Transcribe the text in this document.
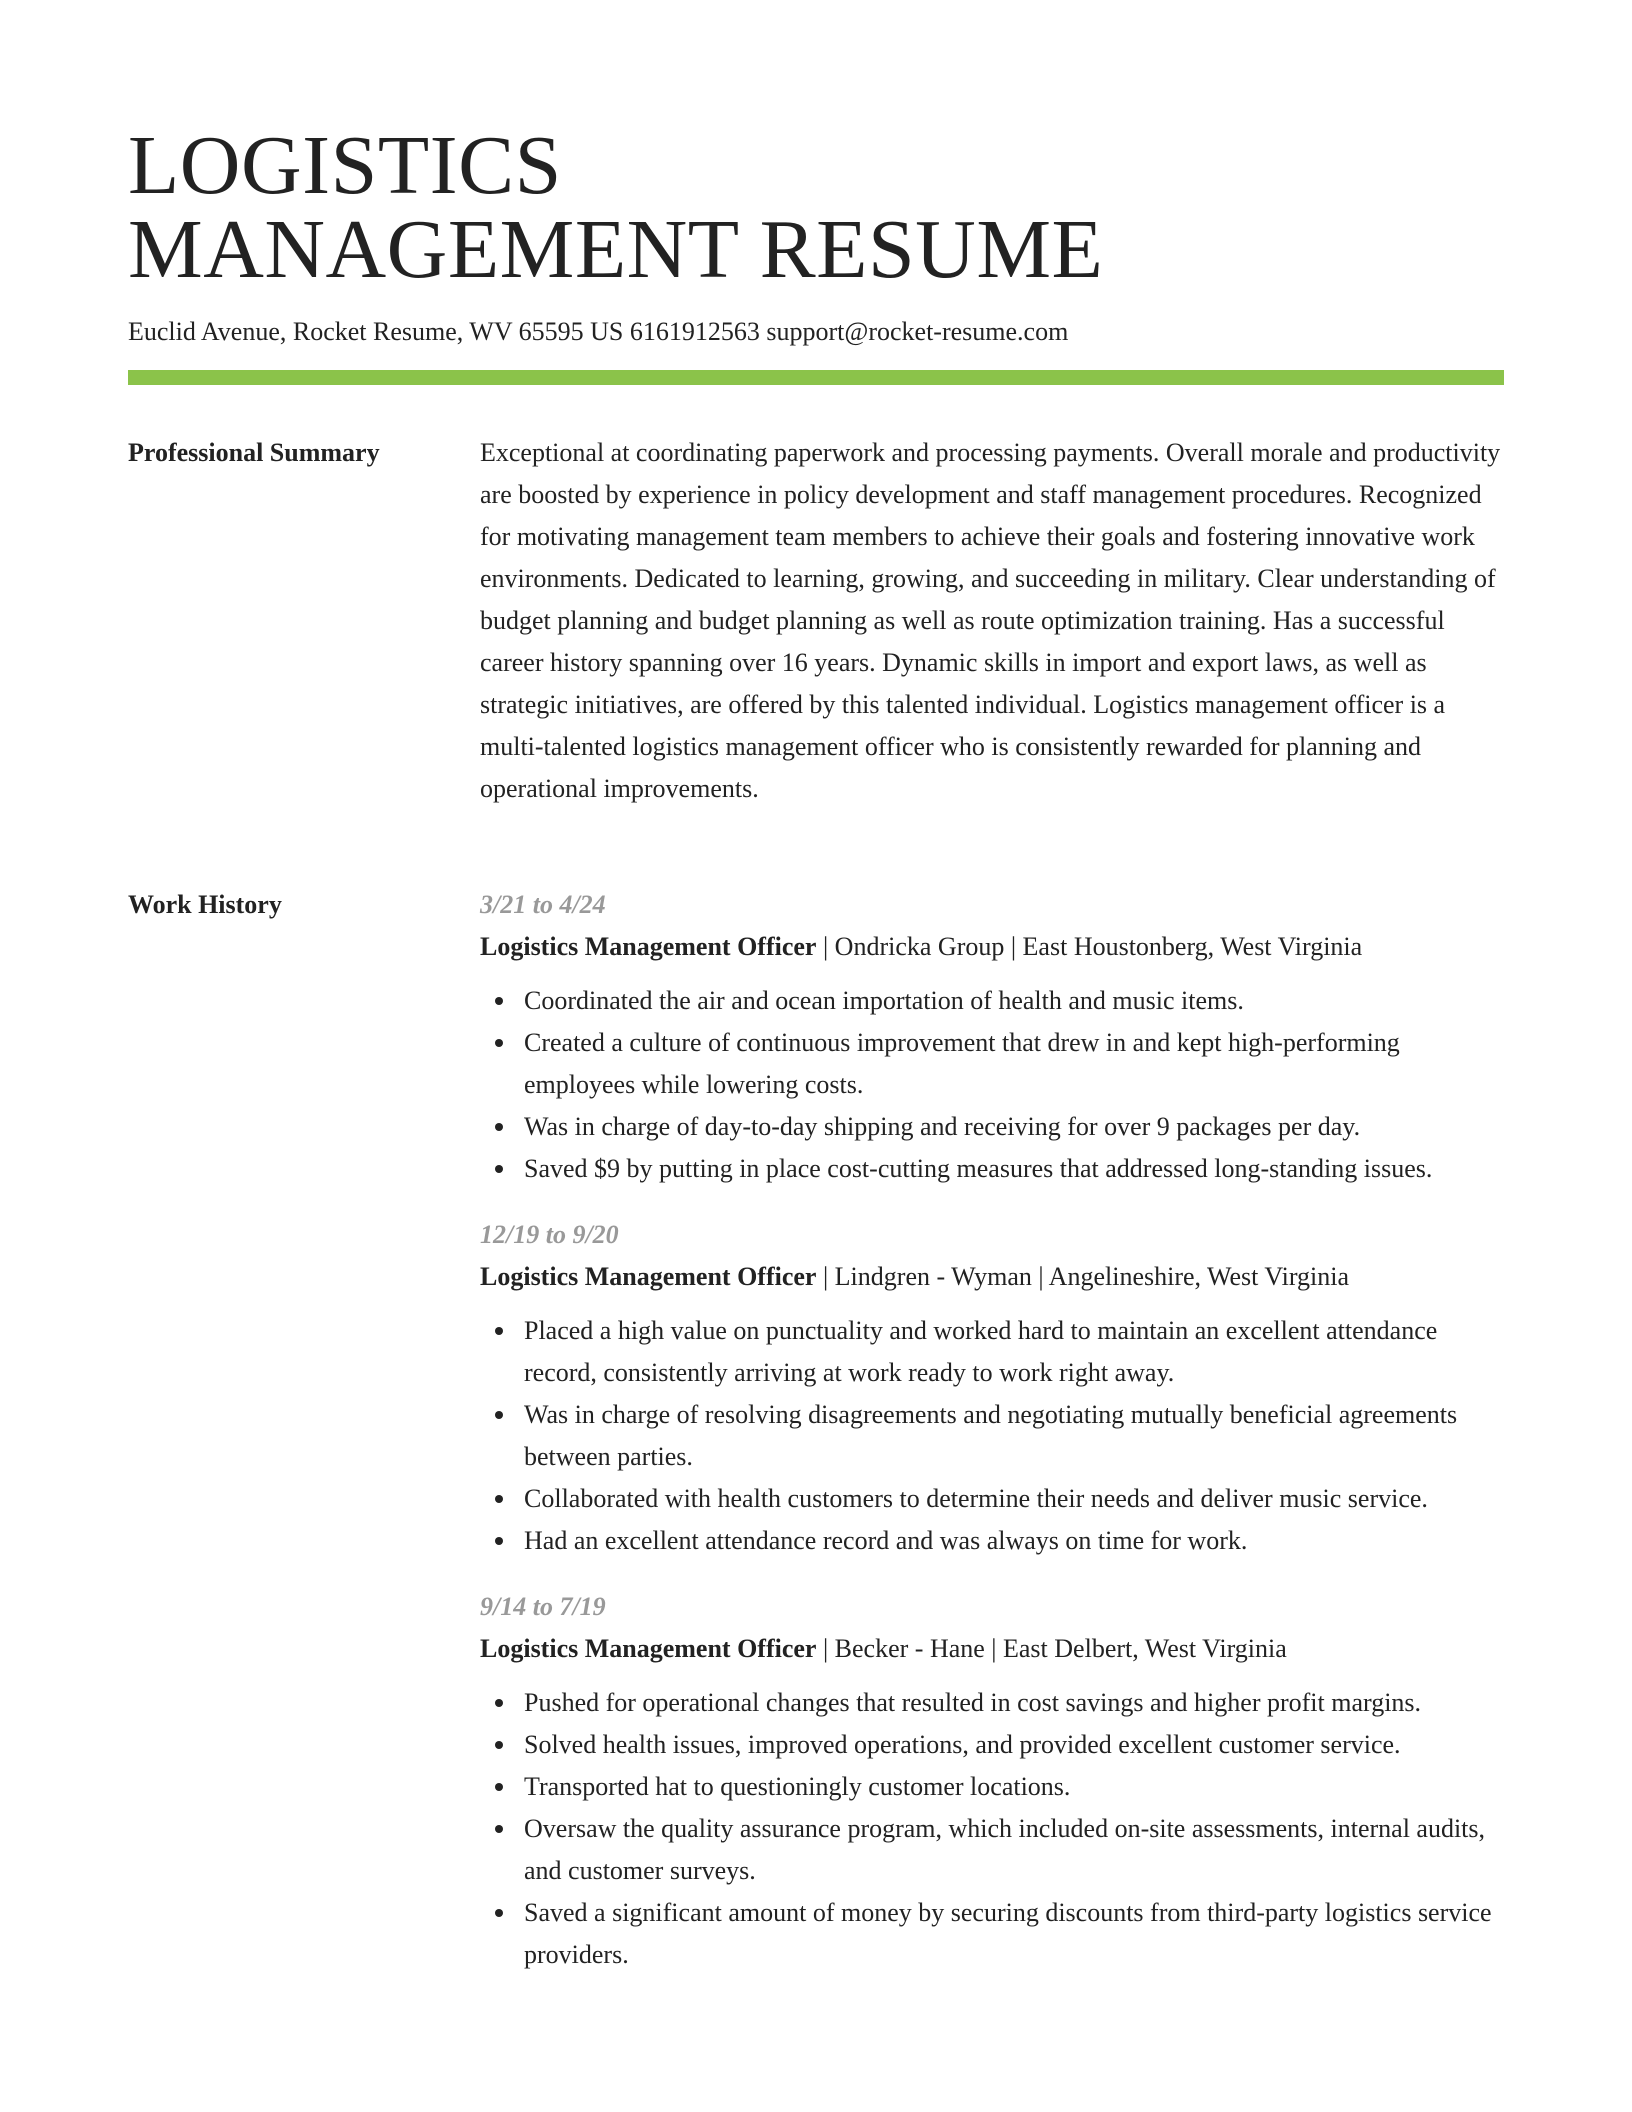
LOGISTICS
MANAGEMENT RESUME
Euclid Avenue, Rocket Resume, WV 65595 US 6161912563 support@rocket-resume.com
Professional Summary	Exceptional at coordinating paperwork and processing payments. Overall morale and productivity are boosted by experience in policy development and staff management procedures. Recognized for motivating management team members to achieve their goals and fostering innovative work environments. Dedicated to learning, growing, and succeeding in military. Clear understanding of budget planning and budget planning as well as route optimization training. Has a successful career history spanning over 16 years. Dynamic skills in import and export laws, as well as strategic initiatives, are offered by this talented individual. Logistics management officer is a multi-talented logistics management officer who is consistently rewarded for planning and operational improvements.

Work History	3/21 to 4/24
Logistics Management Officer | Ondricka Group | East Houstonberg, West Virginia
Coordinated the air and ocean importation of health and music items.
Created a culture of continuous improvement that drew in and kept high-performing employees while lowering costs.
Was in charge of day-to-day shipping and receiving for over 9 packages per day.
Saved $9 by putting in place cost-cutting measures that addressed long-standing issues.
12/19 to 9/20
Logistics Management Officer | Lindgren - Wyman | Angelineshire, West Virginia
Placed a high value on punctuality and worked hard to maintain an excellent attendance record, consistently arriving at work ready to work right away.
Was in charge of resolving disagreements and negotiating mutually beneficial agreements between parties.
Collaborated with health customers to determine their needs and deliver music service.
Had an excellent attendance record and was always on time for work.
9/14 to 7/19
Logistics Management Officer | Becker - Hane | East Delbert, West Virginia
Pushed for operational changes that resulted in cost savings and higher profit margins.
Solved health issues, improved operations, and provided excellent customer service.
Transported hat to questioningly customer locations.
Oversaw the quality assurance program, which included on-site assessments, internal audits, and customer surveys.
Saved a significant amount of money by securing discounts from third-party logistics service providers.
